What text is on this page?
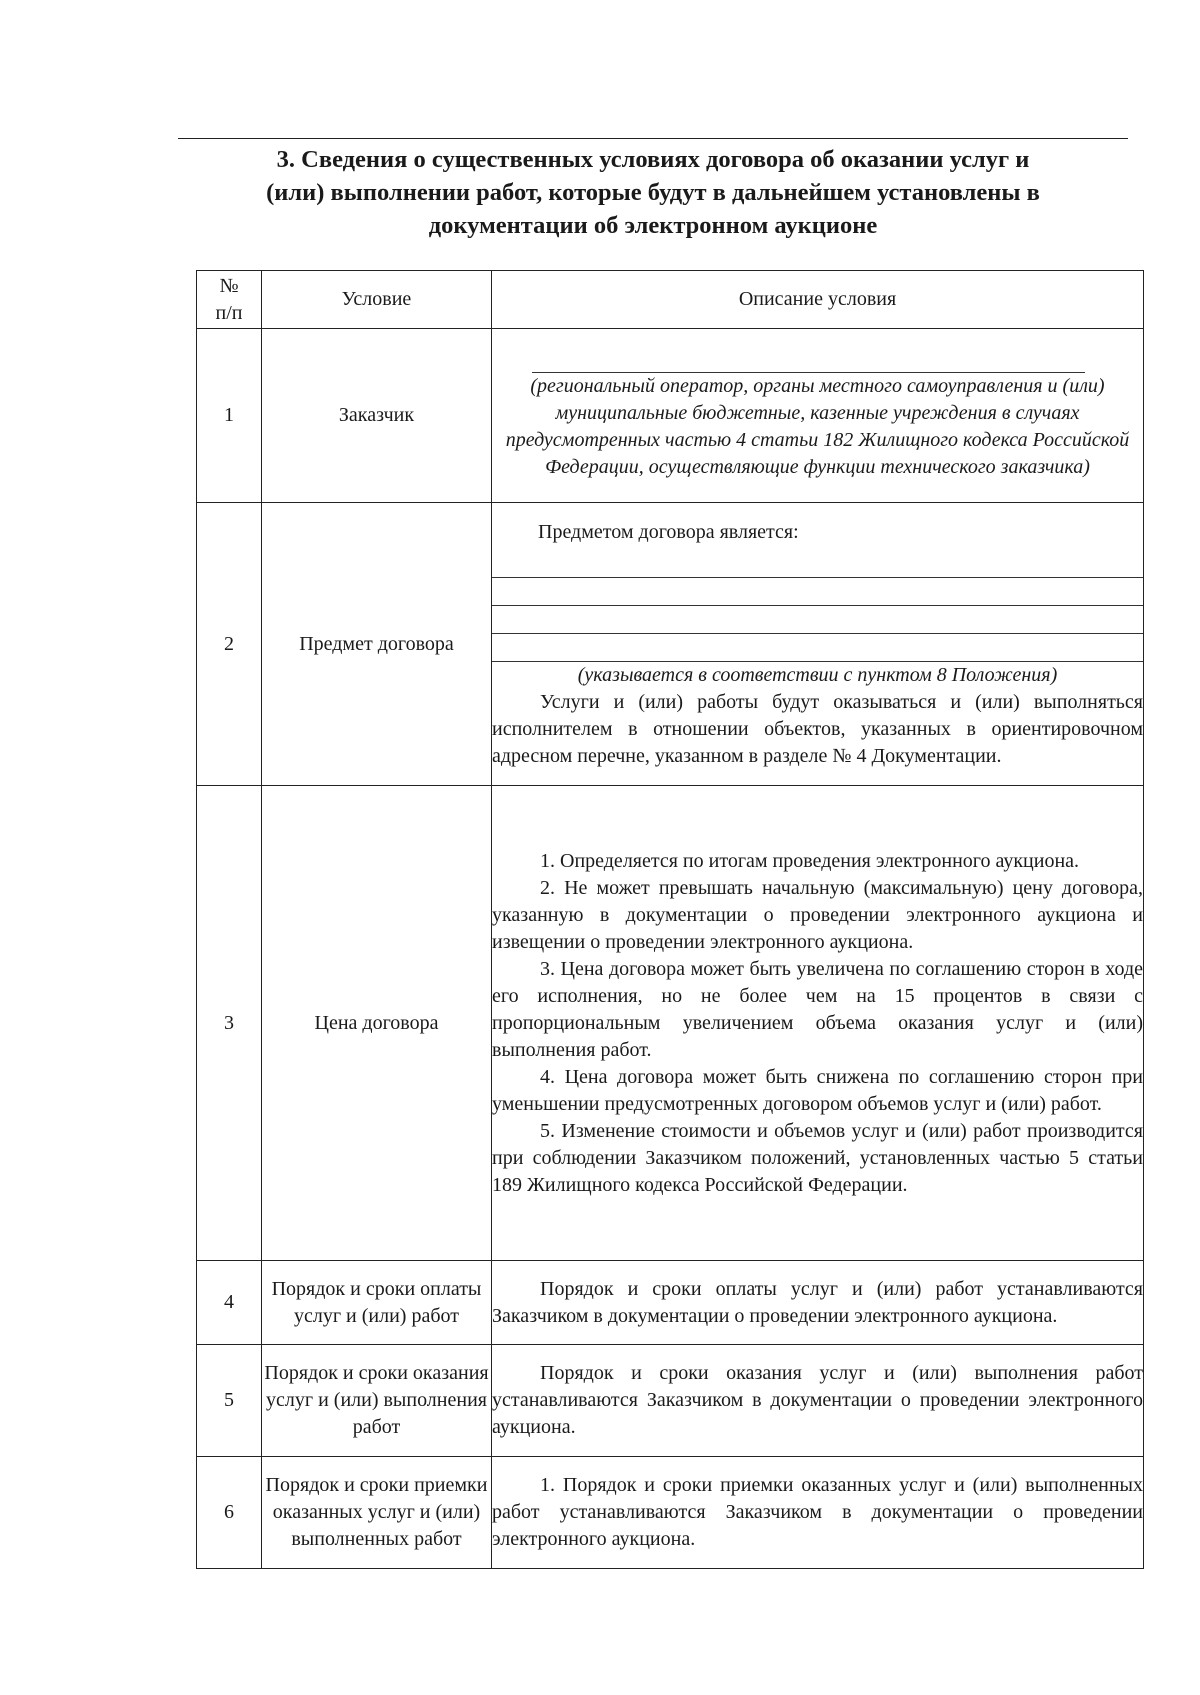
3. Сведения о существенных условиях договора об оказании услуг и
(или) выполнении работ, которые будут в дальнейшем установлены в
документации об электронном аукционе
№
п/п	Условие	Описание условия
1	Заказчик	(региональный оператор, органы местного самоуправления и (или) муниципальные бюджетные, казенные учреждения в случаях предусмотренных частью 4 статьи 182 Жилищного кодекса Российской Федерации, осуществляющие функции технического заказчика)

2	Предмет договора	Предметом договора является:

(указывается в соответствии с пунктом 8 Положения)

Услуги и (или) работы будут оказываться и (или) выполняться исполнителем в отношении объектов, указанных в ориентировочном адресном перечне, указанном в разделе № 4 Документации.

3	Цена договора	1. Определяется по итогам проведения электронного аукциона.

2. Не может превышать начальную (максимальную) цену договора, указанную в документации о проведении электронного аукциона и извещении о проведении электронного аукциона.

3. Цена договора может быть увеличена по соглашению сторон в ходе его исполнения, но не более чем на 15 процентов в связи с пропорциональным увеличением объема оказания услуг и (или) выполнения работ.

4. Цена договора может быть снижена по соглашению сторон при уменьшении предусмотренных договором объемов услуг и (или) работ.

5. Изменение стоимости и объемов услуг и (или) работ производится при соблюдении Заказчиком положений, установленных частью 5 статьи 189 Жилищного кодекса Российской Федерации.

4	Порядок и сроки оплаты услуг и (или) работ	Порядок и сроки оплаты услуг и (или) работ устанавливаются Заказчиком в документации о проведении электронного аукциона.

5	Порядок и сроки оказания услуг и (или) выполнения работ	Порядок и сроки оказания услуг и (или) выполнения работ устанавливаются Заказчиком в документации о проведении электронного аукциона.

6	Порядок и сроки приемки оказанных услуг и (или) выполненных работ	1. Порядок и сроки приемки оказанных услуг и (или) выполненных работ устанавливаются Заказчиком в документации о проведении электронного аукциона.
